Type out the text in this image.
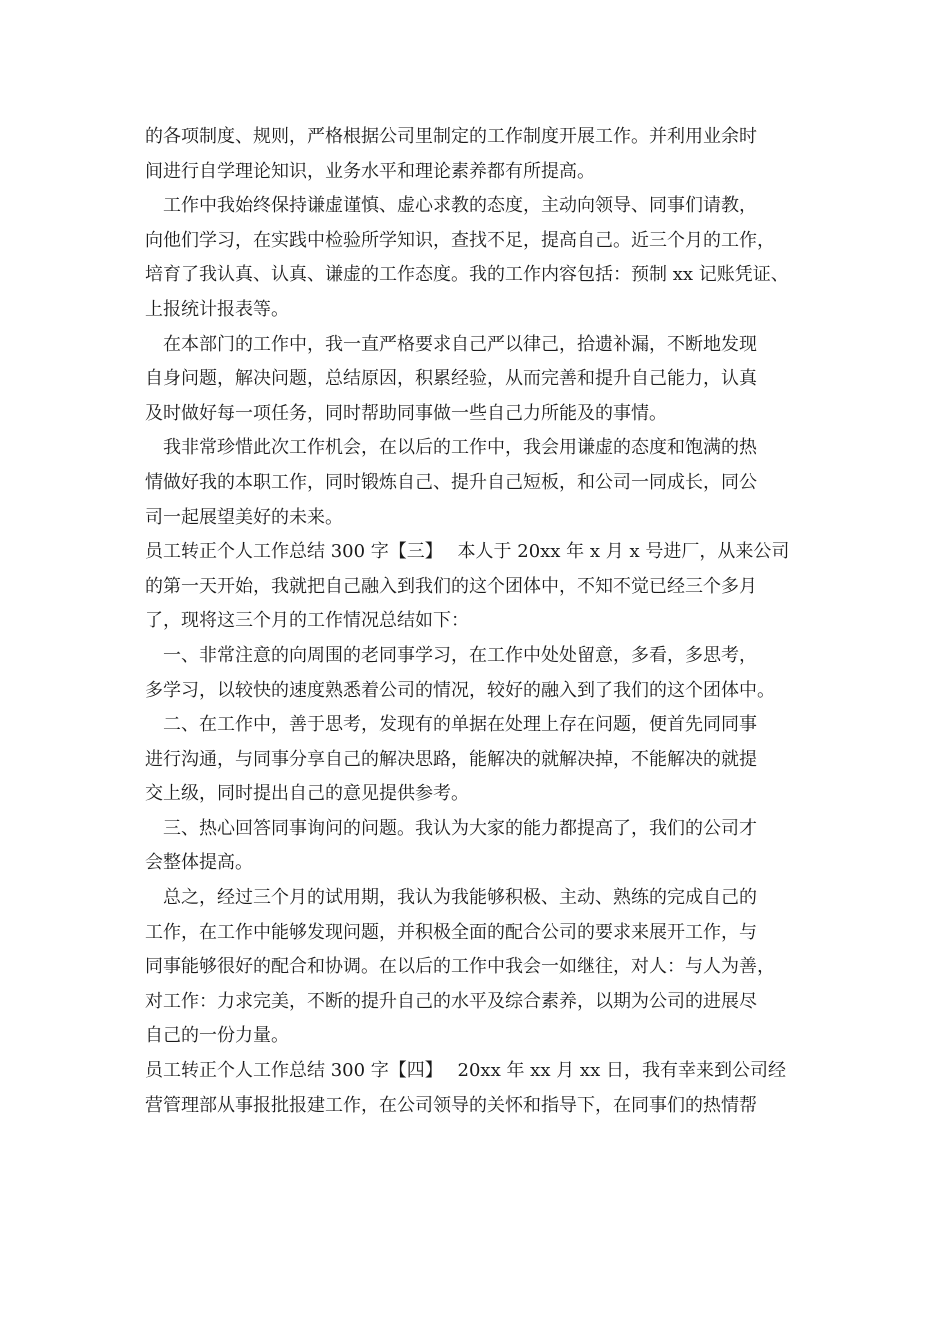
的各项制度、规则，严格根据公司里制定的工作制度开展工作。并利用业余时
间进行自学理论知识，业务水平和理论素养都有所提高。
工作中我始终保持谦虚谨慎、虚心求教的态度，主动向领导、同事们请教，
向他们学习，在实践中检验所学知识，查找不足，提高自己。近三个月的工作，
培育了我认真、认真、谦虚的工作态度。我的工作内容包括：预制 xx 记账凭证、
上报统计报表等。
在本部门的工作中，我一直严格要求自己严以律己，拾遗补漏，不断地发现
自身问题，解决问题，总结原因，积累经验，从而完善和提升自己能力，认真
及时做好每一项任务，同时帮助同事做一些自己力所能及的事情。
我非常珍惜此次工作机会，在以后的工作中，我会用谦虚的态度和饱满的热
情做好我的本职工作，同时锻炼自己、提升自己短板，和公司一同成长，同公
司一起展望美好的未来。
员工转正个人工作总结 300 字【三】　 本人于 20xx 年 x 月 x 号进厂，从来公司
的第一天开始，我就把自己融入到我们的这个团体中，不知不觉已经三个多月
了，现将这三个月的工作情况总结如下：
一、非常注意的向周围的老同事学习，在工作中处处留意，多看，多思考，
多学习，以较快的速度熟悉着公司的情况，较好的融入到了我们的这个团体中。
二、在工作中，善于思考，发现有的单据在处理上存在问题，便首先同同事
进行沟通，与同事分享自己的解决思路，能解决的就解决掉，不能解决的就提
交上级，同时提出自己的意见提供参考。
三、热心回答同事询问的问题。我认为大家的能力都提高了，我们的公司才
会整体提高。
总之，经过三个月的试用期，我认为我能够积极、主动、熟练的完成自己的
工作，在工作中能够发现问题，并积极全面的配合公司的要求来展开工作，与
同事能够很好的配合和协调。在以后的工作中我会一如继往，对人：与人为善，
对工作：力求完美，不断的提升自己的水平及综合素养，以期为公司的进展尽
自己的一份力量。
员工转正个人工作总结 300 字【四】　 20xx 年 xx 月 xx 日，我有幸来到公司经
营管理部从事报批报建工作，在公司领导的关怀和指导下，在同事们的热情帮
